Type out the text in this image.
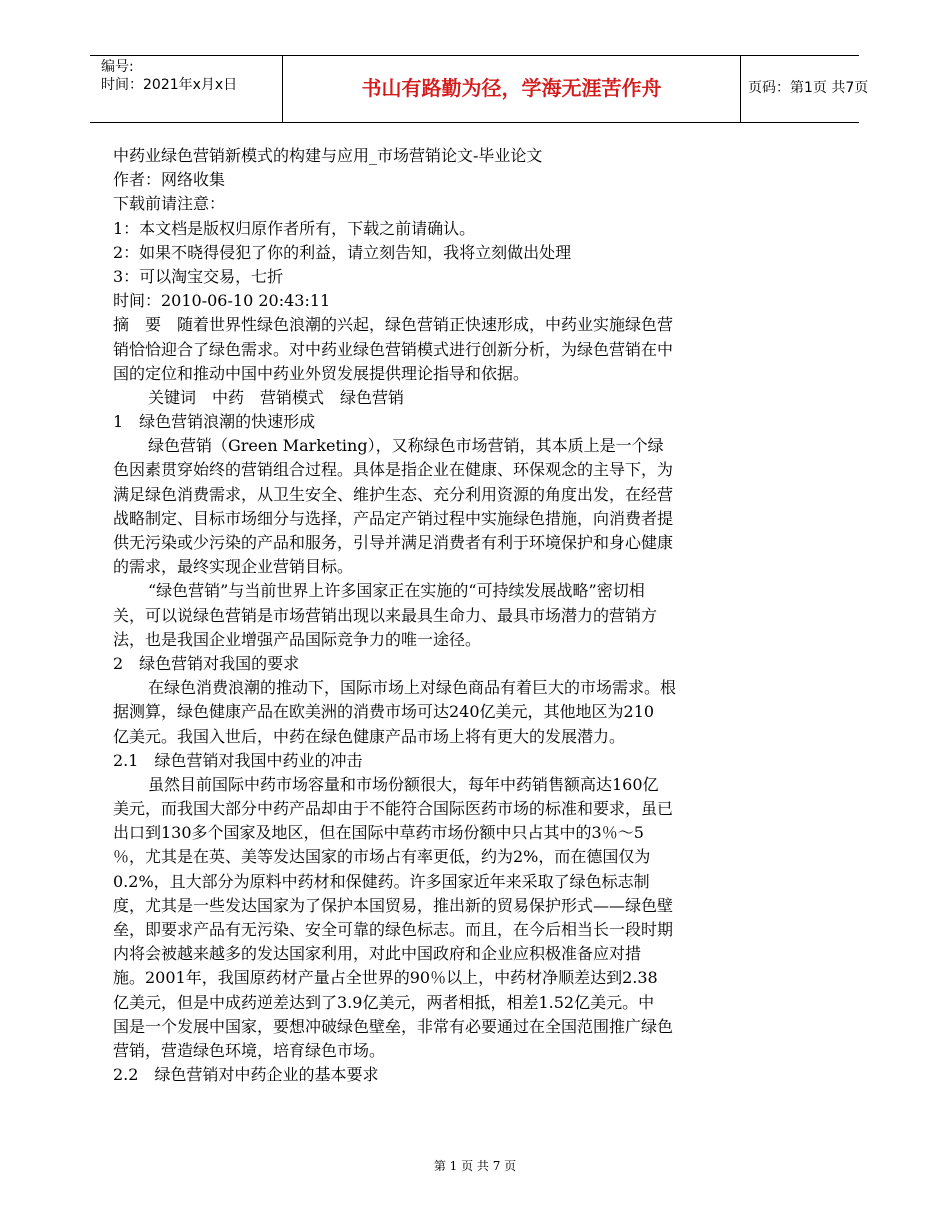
编号:
时间：2021年x月x日	书山有路勤为径，学海无涯苦作舟	页码：第1页 共7页
中药业绿色营销新模式的构建与应用_市场营销论文-毕业论文
作者：网络收集
下载前请注意：
1：本文档是版权归原作者所有，下载之前请确认。
2：如果不晓得侵犯了你的利益，请立刻告知，我将立刻做出处理
3：可以淘宝交易，七折
时间：2010-06-10 20:43:11
摘　要　随着世界性绿色浪潮的兴起，绿色营销正快速形成，中药业实施绿色营
销恰恰迎合了绿色需求。对中药业绿色营销模式进行创新分析，为绿色营销在中
国的定位和推动中国中药业外贸发展提供理论指导和依据。
关键词　中药　营销模式　绿色营销
1　绿色营销浪潮的快速形成
绿色营销（Green Marketing），又称绿色市场营销，其本质上是一个绿
色因素贯穿始终的营销组合过程。具体是指企业在健康、环保观念的主导下，为
满足绿色消费需求，从卫生安全、维护生态、充分利用资源的角度出发，在经营
战略制定、目标市场细分与选择，产品定产销过程中实施绿色措施，向消费者提
供无污染或少污染的产品和服务，引导并满足消费者有利于环境保护和身心健康
的需求，最终实现企业营销目标。
“绿色营销”与当前世界上许多国家正在实施的“可持续发展战略”密切相
关，可以说绿色营销是市场营销出现以来最具生命力、最具市场潜力的营销方
法，也是我国企业增强产品国际竞争力的唯一途径。
2　绿色营销对我国的要求
在绿色消费浪潮的推动下，国际市场上对绿色商品有着巨大的市场需求。根
据测算，绿色健康产品在欧美洲的消费市场可达240亿美元，其他地区为210
亿美元。我国入世后，中药在绿色健康产品市场上将有更大的发展潜力。
2.1　绿色营销对我国中药业的冲击
虽然目前国际中药市场容量和市场份额很大，每年中药销售额高达160亿
美元，而我国大部分中药产品却由于不能符合国际医药市场的标准和要求，虽已
出口到130多个国家及地区，但在国际中草药市场份额中只占其中的3％～5
％，尤其是在英、美等发达国家的市场占有率更低，约为2%，而在德国仅为
0.2%，且大部分为原料中药材和保健药。许多国家近年来采取了绿色标志制
度，尤其是一些发达国家为了保护本国贸易，推出新的贸易保护形式——绿色壁
垒，即要求产品有无污染、安全可靠的绿色标志。而且，在今后相当长一段时期
内将会被越来越多的发达国家利用，对此中国政府和企业应积极准备应对措
施。2001年，我国原药材产量占全世界的90％以上，中药材净顺差达到2.38
亿美元，但是中成药逆差达到了3.9亿美元，两者相抵，相差1.52亿美元。中
国是一个发展中国家，要想冲破绿色壁垒，非常有必要通过在全国范围推广绿色
营销，营造绿色环境，培育绿色市场。
2.2　绿色营销对中药企业的基本要求
第 1 页 共 7 页
